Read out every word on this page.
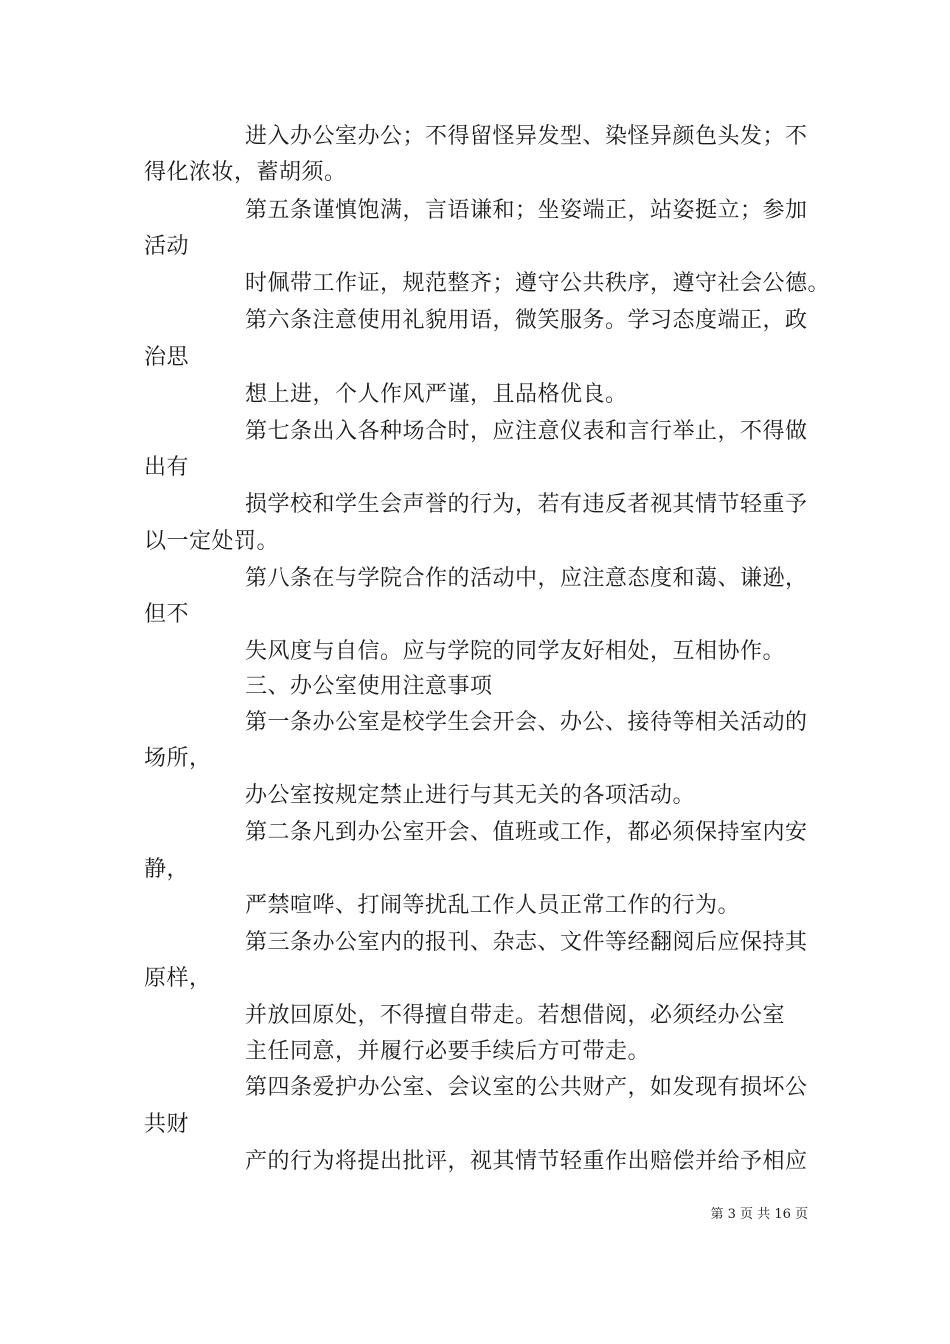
进入办公室办公；不得留怪异发型、染怪异颜色头发；不
得化浓妆，蓄胡须。
第五条谨慎饱满，言语谦和；坐姿端正，站姿挺立；参加
活动
时佩带工作证，规范整齐；遵守公共秩序，遵守社会公德。
第六条注意使用礼貌用语，微笑服务。学习态度端正，政
治思
想上进，个人作风严谨，且品格优良。
第七条出入各种场合时，应注意仪表和言行举止，不得做
出有
损学校和学生会声誉的行为，若有违反者视其情节轻重予
以一定处罚。
第八条在与学院合作的活动中，应注意态度和蔼、谦逊，
但不
失风度与自信。应与学院的同学友好相处，互相协作。
三、办公室使用注意事项
第一条办公室是校学生会开会、办公、接待等相关活动的
场所，
办公室按规定禁止进行与其无关的各项活动。
第二条凡到办公室开会、值班或工作，都必须保持室内安
静，
严禁喧哗、打闹等扰乱工作人员正常工作的行为。
第三条办公室内的报刊、杂志、文件等经翻阅后应保持其
原样，
并放回原处，不得擅自带走。若想借阅，必须经办公室
主任同意，并履行必要手续后方可带走。
第四条爱护办公室、会议室的公共财产，如发现有损坏公
共财
产的行为将提出批评，视其情节轻重作出赔偿并给予相应
第 3 页 共 16 页
